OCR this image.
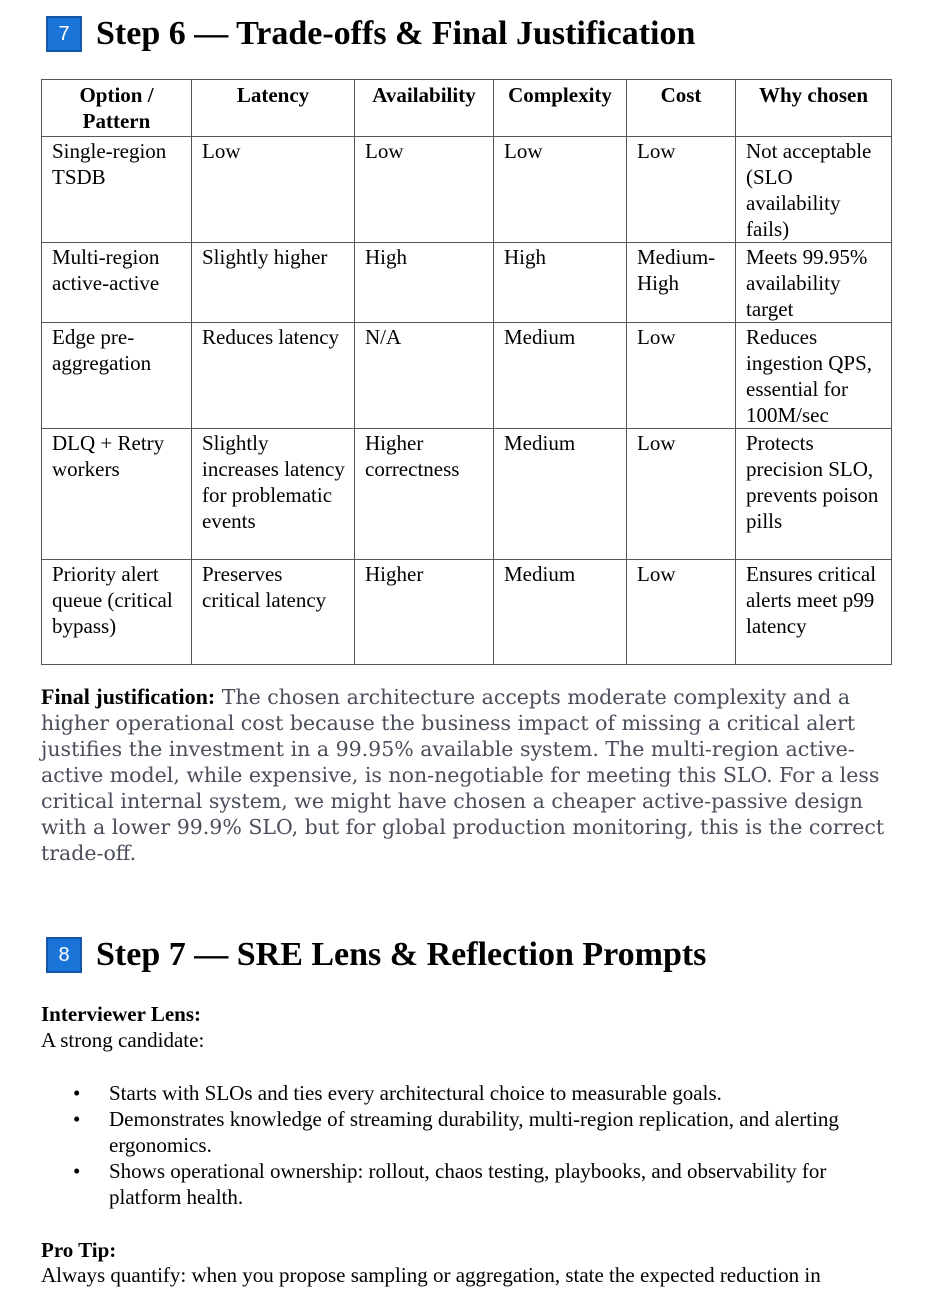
7 Step 6 — Trade-offs & Final Justification
Option / Pattern	Latency	Availability	Complexity	Cost	Why chosen
Single-region TSDB	Low	Low	Low	Low	Not acceptable (SLO availability fails)
Multi-region active-active	Slightly higher	High	High	Medium-High	Meets 99.95% availability target
Edge pre-aggregation	Reduces latency	N/A	Medium	Low	Reduces ingestion QPS, essential for 100M/sec
DLQ + Retry workers	Slightly increases latency for problematic events	Higher correctness	Medium	Low	Protects precision SLO, prevents poison pills
Priority alert queue (critical bypass)	Preserves critical latency	Higher	Medium	Low	Ensures critical alerts meet p99 latency
Final justification: The chosen architecture accepts moderate complexity and a higher operational cost because the business impact of missing a critical alert justifies the investment in a 99.95% available system. The multi-region active-active model, while expensive, is non-negotiable for meeting this SLO. For a less critical internal system, we might have chosen a cheaper active-passive design with a lower 99.9% SLO, but for global production monitoring, this is the correct trade-off.
8 Step 7 — SRE Lens & Reflection Prompts
Interviewer Lens:
A strong candidate:
• Starts with SLOs and ties every architectural choice to measurable goals.
• Demonstrates knowledge of streaming durability, multi-region replication, and alerting ergonomics.
• Shows operational ownership: rollout, chaos testing, playbooks, and observability for platform health.
Pro Tip:
Always quantify: when you propose sampling or aggregation, state the expected reduction in
